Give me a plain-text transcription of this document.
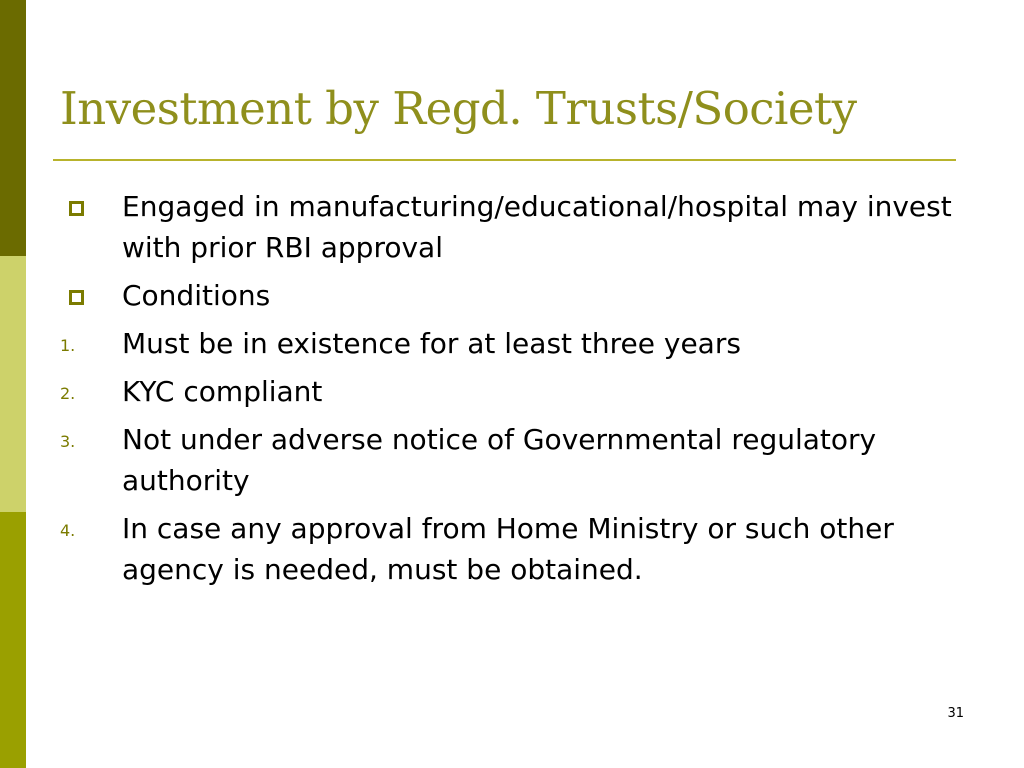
Investment by Regd. Trusts/Society
Engaged in manufacturing/educational/hospital may invest with prior RBI approval
Conditions
1. Must be in existence for at least three years
2. KYC compliant
3. Not under adverse notice of Governmental regulatory authority
4. In case any approval from Home Ministry or such other agency is needed, must be obtained.
31
